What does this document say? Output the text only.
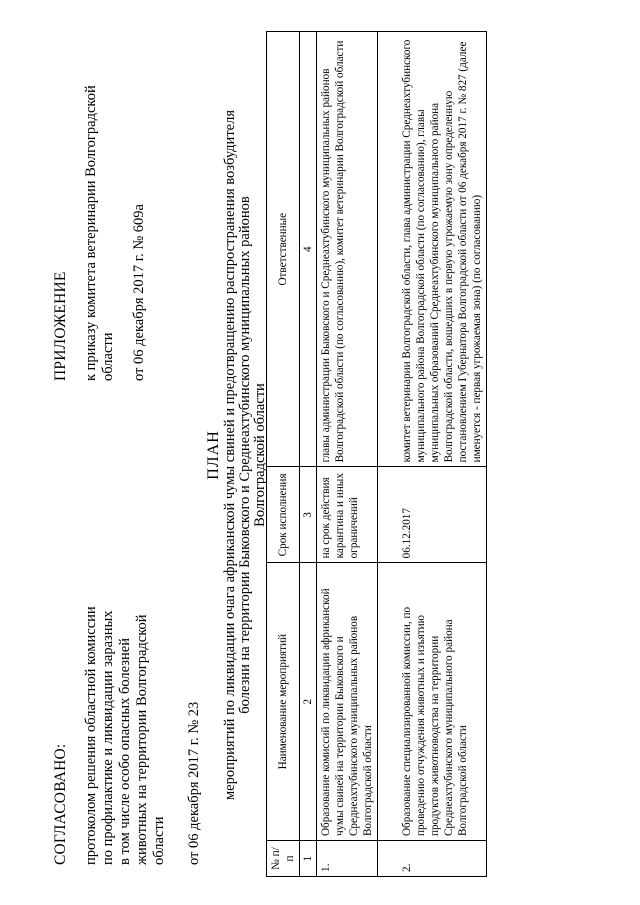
СОГЛАСОВАНО: протоколом решения областной комиссии по профилактике и ликвидации заразных в том числе особо опасных болезней животных на территории Волгоградской области от 06 декабря 2017 г. № 23
ПРИЛОЖЕНИЕ к приказу комитета ветеринарии Волгоградской области от 06 декабря 2017 г. № 609а
ПЛАН мероприятий по ликвидации очага африканской чумы свиней и предотвращению распространения возбудителя болезни на территории Быковского и Среднеахтубинского муниципальных районов Волгоградской области
№ п/п	Наименование мероприятий	Срок исполнения	Ответственные
1	2	3	4
1.	Образование комиссий по ликвидации африканской чумы свиней на территории Быковского и Среднеахтубинского муниципальных районов Волгоградской области	на срок действия карантина и иных ограничений	главы администрации Быковского и Среднеахтубинского муниципальных районов Волгоградской области (по согласованию), комитет ветеринарии Волгоградской области
2.	Образование специализированной комиссии, по проведению отчуждения животных и изъятию продуктов животноводства на территории Среднеахтубинского муниципального района Волгоградской области	06.12.2017	комитет ветеринарии Волгоградской области, глава администрации Среднеахтубинского муниципального района Волгоградской области (по согласованию), главы муниципальных образований Среднеахтубинского муниципального района Волгоградской области, вошедших в первую угрожаемую зону определенную постановлением Губернатора Волгоградской области от 06 декабря 2017 г. № 827 (далее именуется - первая угрожаемая зона) (по согласованию)
